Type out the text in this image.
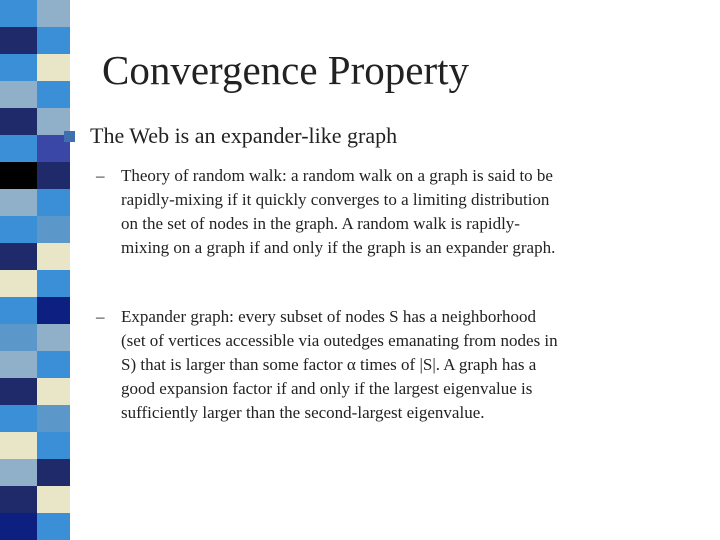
Convergence Property
The Web is an expander-like graph
– Theory of random walk: a random walk on a graph is said to be
rapidly-mixing if it quickly converges to a limiting distribution
on the set of nodes in the graph. A random walk is rapidly-
mixing on a graph if and only if the graph is an expander graph.
– Expander graph: every subset of nodes S has a neighborhood
(set of vertices accessible via outedges emanating from nodes in
S) that is larger than some factor α times of |S|. A graph has a
good expansion factor if and only if the largest eigenvalue is
sufficiently larger than the second-largest eigenvalue.
